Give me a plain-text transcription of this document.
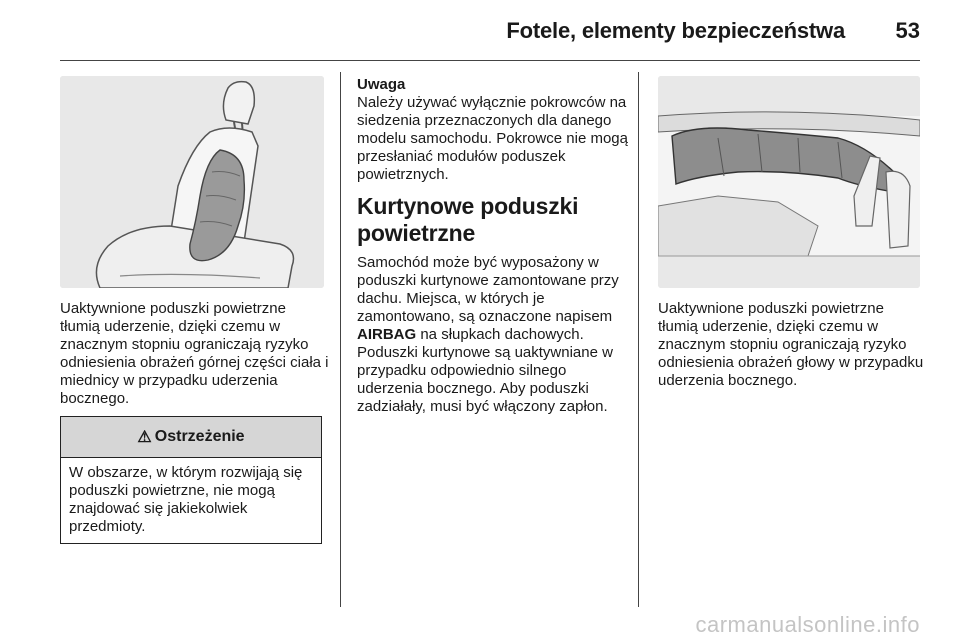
Fotele, elementy bezpieczeństwa 53

Uaktywnione poduszki powietrzne tłumią uderzenie, dzięki czemu w znacznym stopniu ograniczają ryzyko odniesienia obrażeń górnej części ciała i miednicy w przypadku uderzenia bocznego.

⚠ Ostrzeżenie
W obszarze, w którym rozwijają się poduszki powietrzne, nie mogą znajdować się jakiekolwiek przedmioty.
Uwaga

Należy używać wyłącznie pokrowców na siedzenia przeznaczonych dla danego modelu samochodu. Pokrowce nie mogą przesłaniać modułów poduszek powietrznych.

Kurtynowe poduszki powietrzne

Samochód może być wyposażony w poduszki kurtynowe zamontowane przy dachu. Miejsca, w których je zamontowano, są oznaczone napisem AIRBAG na słupkach dachowych.

Poduszki kurtynowe są uaktywniane w przypadku odpowiednio silnego uderzenia bocznego. Aby poduszki zadziałały, musi być włączony zapłon.

Uaktywnione poduszki powietrzne tłumią uderzenie, dzięki czemu w znacznym stopniu ograniczają ryzyko odniesienia obrażeń głowy w przypadku uderzenia bocznego.

carmanualsonline.info
